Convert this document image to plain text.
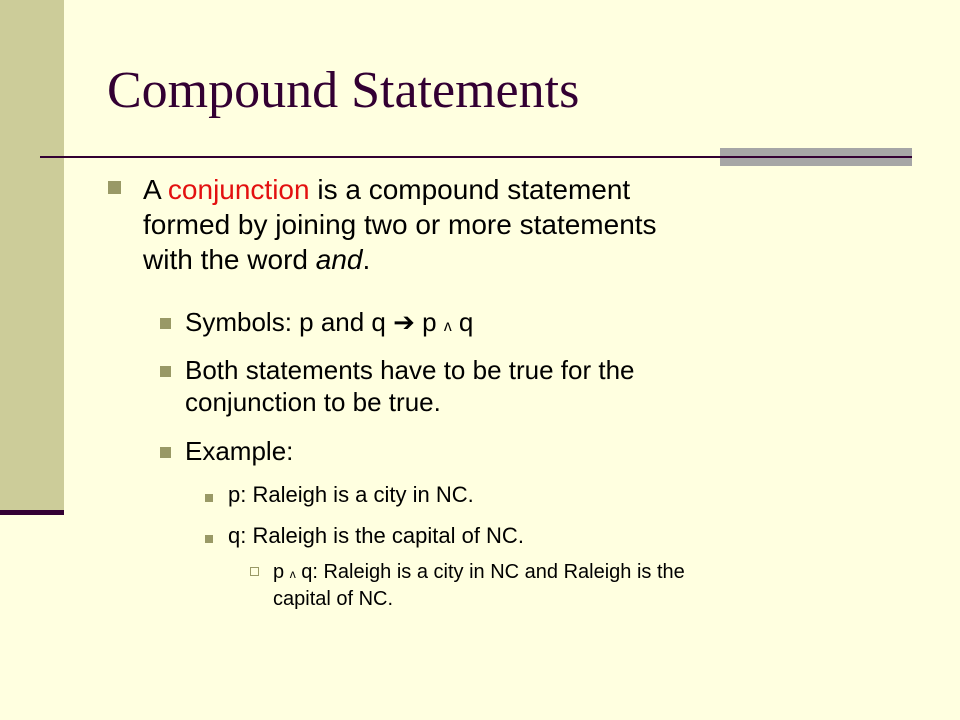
Compound Statements
A conjunction is a compound statement
formed by joining two or more statements
with the word and.
Symbols: p and q ➔ p ʌ q
Both statements have to be true for the
conjunction to be true.
Example:
p: Raleigh is a city in NC.
q: Raleigh is the capital of NC.
p ʌ q: Raleigh is a city in NC and Raleigh is the
capital of NC.
